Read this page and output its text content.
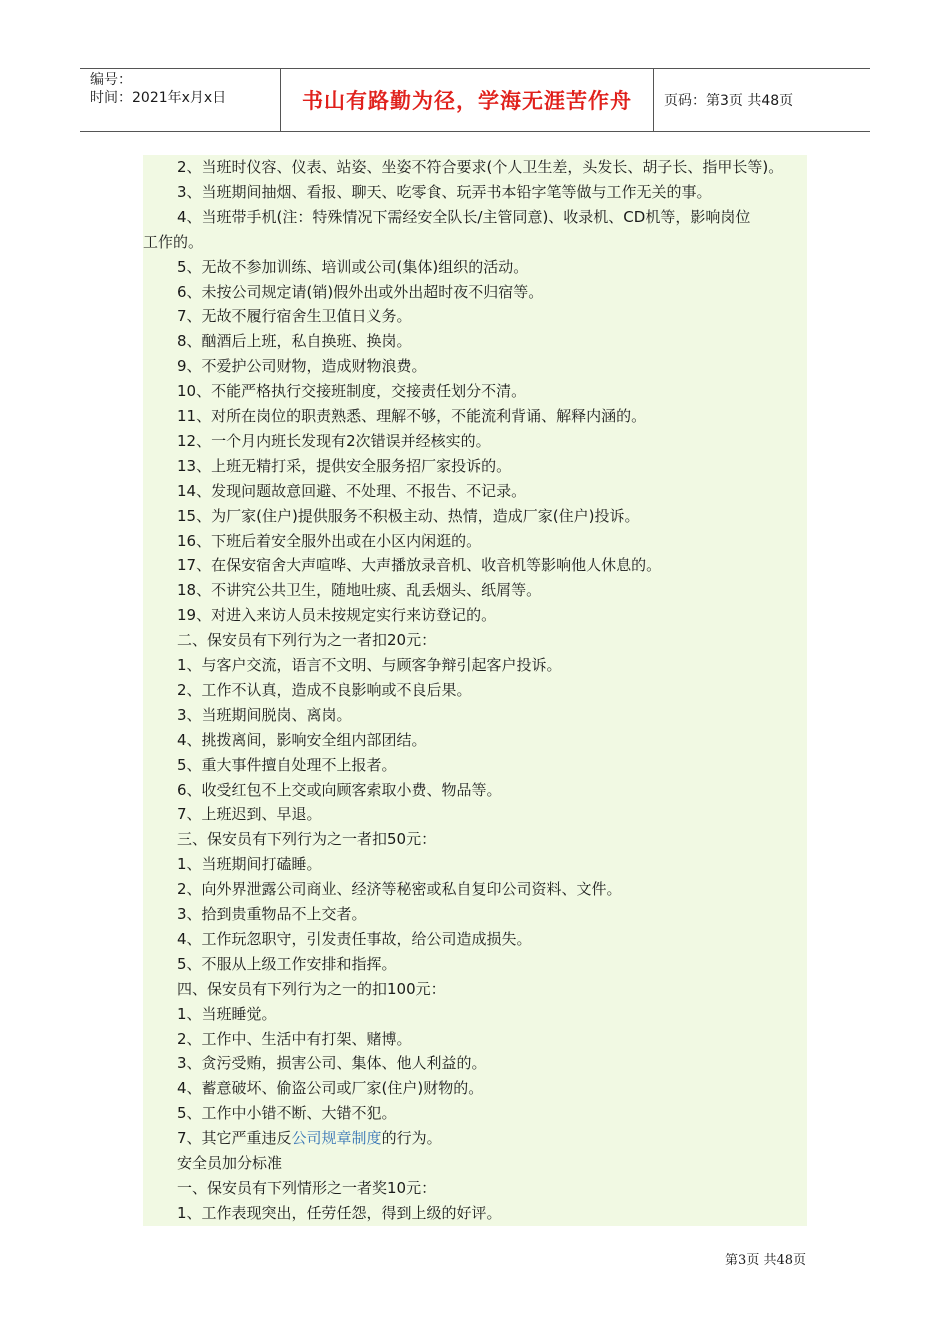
编号：
时间：2021年x月x日	书山有路勤为径，学海无涯苦作舟	页码：第3页 共48页
2、当班时仪容、仪表、站姿、坐姿不符合要求(个人卫生差，头发长、胡子长、指甲长等)。
3、当班期间抽烟、看报、聊天、吃零食、玩弄书本铅字笔等做与工作无关的事。
4、当班带手机(注：特殊情况下需经安全队长/主管同意)、收录机、CD机等，影响岗位
工作的。
5、无故不参加训练、培训或公司(集体)组织的活动。
6、未按公司规定请(销)假外出或外出超时夜不归宿等。
7、无故不履行宿舍生卫值日义务。
8、酗酒后上班，私自换班、换岗。
9、不爱护公司财物，造成财物浪费。
10、不能严格执行交接班制度，交接责任划分不清。
11、对所在岗位的职责熟悉、理解不够，不能流利背诵、解释内涵的。
12、一个月内班长发现有2次错误并经核实的。
13、上班无精打采，提供安全服务招厂家投诉的。
14、发现问题故意回避、不处理、不报告、不记录。
15、为厂家(住户)提供服务不积极主动、热情，造成厂家(住户)投诉。
16、下班后着安全服外出或在小区内闲逛的。
17、在保安宿舍大声喧哗、大声播放录音机、收音机等影响他人休息的。
18、不讲究公共卫生，随地吐痰、乱丢烟头、纸屑等。
19、对进入来访人员未按规定实行来访登记的。
二、保安员有下列行为之一者扣20元：
1、与客户交流，语言不文明、与顾客争辩引起客户投诉。
2、工作不认真，造成不良影响或不良后果。
3、当班期间脱岗、离岗。
4、挑拨离间，影响安全组内部团结。
5、重大事件擅自处理不上报者。
6、收受红包不上交或向顾客索取小费、物品等。
7、上班迟到、早退。
三、保安员有下列行为之一者扣50元：
1、当班期间打磕睡。
2、向外界泄露公司商业、经济等秘密或私自复印公司资料、文件。
3、拾到贵重物品不上交者。
4、工作玩忽职守，引发责任事故，给公司造成损失。
5、不服从上级工作安排和指挥。
四、保安员有下列行为之一的扣100元：
1、当班睡觉。
2、工作中、生活中有打架、赌博。
3、贪污受贿，损害公司、集体、他人利益的。
4、蓄意破坏、偷盗公司或厂家(住户)财物的。
5、工作中小错不断、大错不犯。
7、其它严重违反公司规章制度的行为。
安全员加分标准
一、保安员有下列情形之一者奖10元：
1、工作表现突出，任劳任怨，得到上级的好评。
第3页 共48页
